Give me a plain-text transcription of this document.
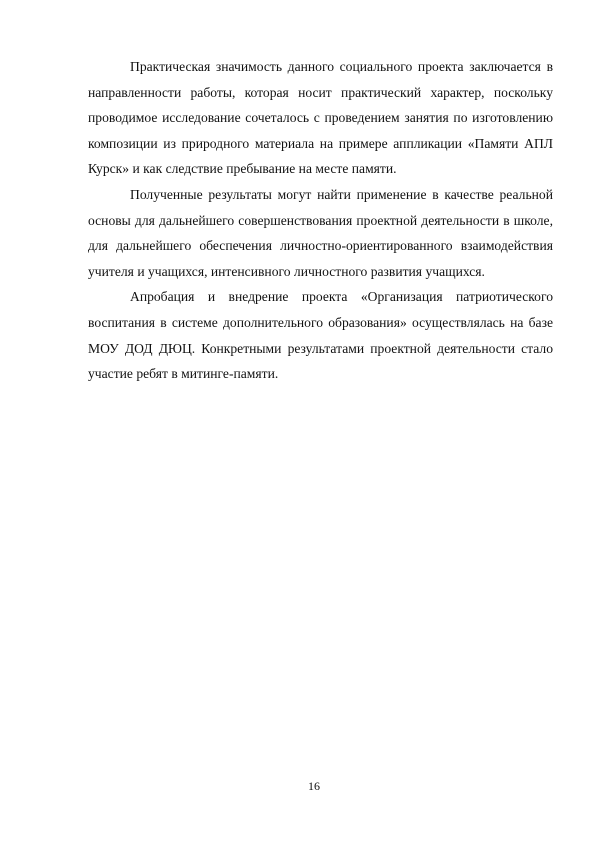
Практическая значимость данного социального проекта заключается в направленности работы, которая носит практический характер, поскольку проводимое исследование сочеталось с проведением занятия по изготовлению композиции из природного материала на примере аппликации «Памяти АПЛ Курск» и как следствие пребывание на месте памяти.

Полученные результаты могут найти применение в качестве реальной основы для дальнейшего совершенствования проектной деятельности в школе, для дальнейшего обеспечения личностно-ориентированного взаимодействия учителя и учащихся, интенсивного личностного развития учащихся.

Апробация и внедрение проекта «Организация патриотического воспитания в системе дополнительного образования» осуществлялась на базе МОУ ДОД ДЮЦ. Конкретными результатами проектной деятельности стало участие ребят в митинге-памяти.

16
